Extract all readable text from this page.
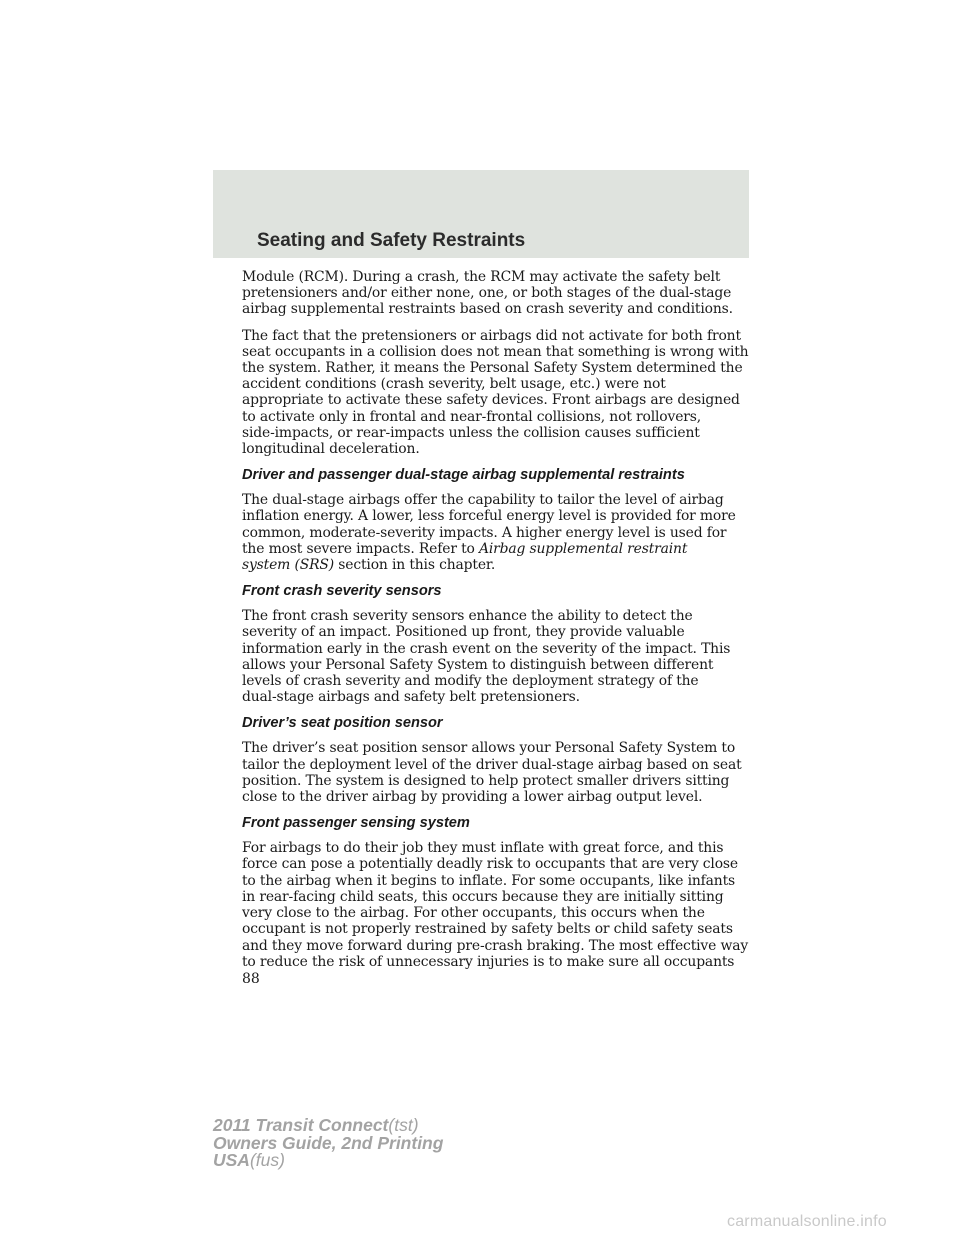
Seating and Safety Restraints

Module (RCM). During a crash, the RCM may activate the safety belt
pretensioners and/or either none, one, or both stages of the dual-stage
airbag supplemental restraints based on crash severity and conditions.

The fact that the pretensioners or airbags did not activate for both front
seat occupants in a collision does not mean that something is wrong with
the system. Rather, it means the Personal Safety System determined the
accident conditions (crash severity, belt usage, etc.) were not
appropriate to activate these safety devices. Front airbags are designed
to activate only in frontal and near-frontal collisions, not rollovers,
side-impacts, or rear-impacts unless the collision causes sufficient
longitudinal deceleration.

Driver and passenger dual-stage airbag supplemental restraints

The dual-stage airbags offer the capability to tailor the level of airbag
inflation energy. A lower, less forceful energy level is provided for more
common, moderate-severity impacts. A higher energy level is used for
the most severe impacts. Refer to Airbag supplemental restraint
system (SRS) section in this chapter.

Front crash severity sensors

The front crash severity sensors enhance the ability to detect the
severity of an impact. Positioned up front, they provide valuable
information early in the crash event on the severity of the impact. This
allows your Personal Safety System to distinguish between different
levels of crash severity and modify the deployment strategy of the
dual-stage airbags and safety belt pretensioners.

Driver’s seat position sensor

The driver’s seat position sensor allows your Personal Safety System to
tailor the deployment level of the driver dual-stage airbag based on seat
position. The system is designed to help protect smaller drivers sitting
close to the driver airbag by providing a lower airbag output level.

Front passenger sensing system

For airbags to do their job they must inflate with great force, and this
force can pose a potentially deadly risk to occupants that are very close
to the airbag when it begins to inflate. For some occupants, like infants
in rear-facing child seats, this occurs because they are initially sitting
very close to the airbag. For other occupants, this occurs when the
occupant is not properly restrained by safety belts or child safety seats
and they move forward during pre-crash braking. The most effective way
to reduce the risk of unnecessary injuries is to make sure all occupants

88
2011 Transit Connect(tst)
Owners Guide, 2nd Printing
USA(fus)
carmanualsonline.info
